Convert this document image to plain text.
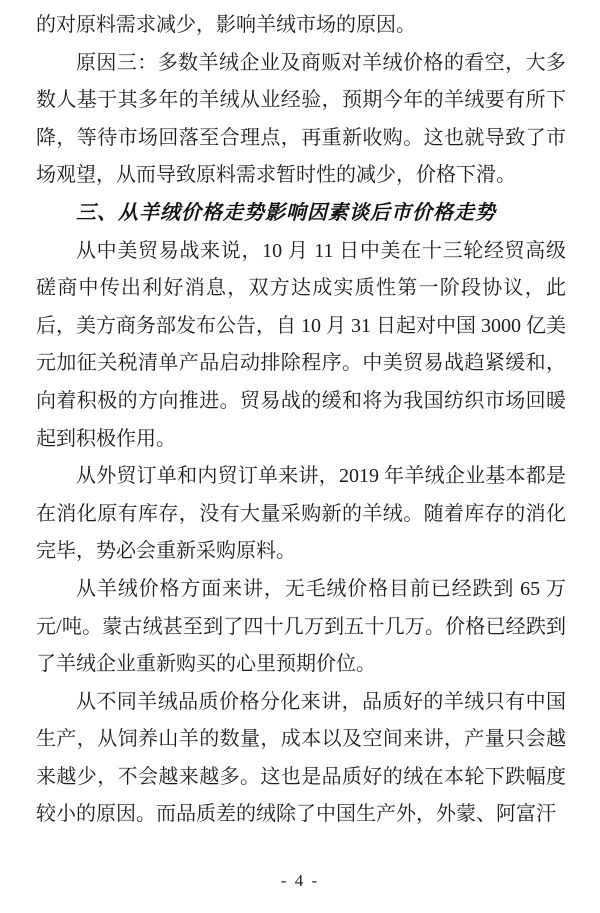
的对原料需求减少，影响羊绒市场的原因。

原因三：多数羊绒企业及商贩对羊绒价格的看空，大多数人基于其多年的羊绒从业经验，预期今年的羊绒要有所下降，等待市场回落至合理点，再重新收购。这也就导致了市场观望，从而导致原料需求暂时性的减少，价格下滑。

三、从羊绒价格走势影响因素谈后市价格走势

从中美贸易战来说，10 月 11 日中美在十三轮经贸高级磋商中传出利好消息，双方达成实质性第一阶段协议，此后，美方商务部发布公告，自 10 月 31 日起对中国 3000 亿美元加征关税清单产品启动排除程序。中美贸易战趋紧缓和，向着积极的方向推进。贸易战的缓和将为我国纺织市场回暖起到积极作用。

从外贸订单和内贸订单来讲，2019 年羊绒企业基本都是在消化原有库存，没有大量采购新的羊绒。随着库存的消化完毕，势必会重新采购原料。

从羊绒价格方面来讲，无毛绒价格目前已经跌到 65 万元/吨。蒙古绒甚至到了四十几万到五十几万。价格已经跌到了羊绒企业重新购买的心里预期价位。

从不同羊绒品质价格分化来讲，品质好的羊绒只有中国生产，从饲养山羊的数量，成本以及空间来讲，产量只会越来越少，不会越来越多。这也是品质好的绒在本轮下跌幅度较小的原因。而品质差的绒除了中国生产外，外蒙、阿富汗

- 4 -
